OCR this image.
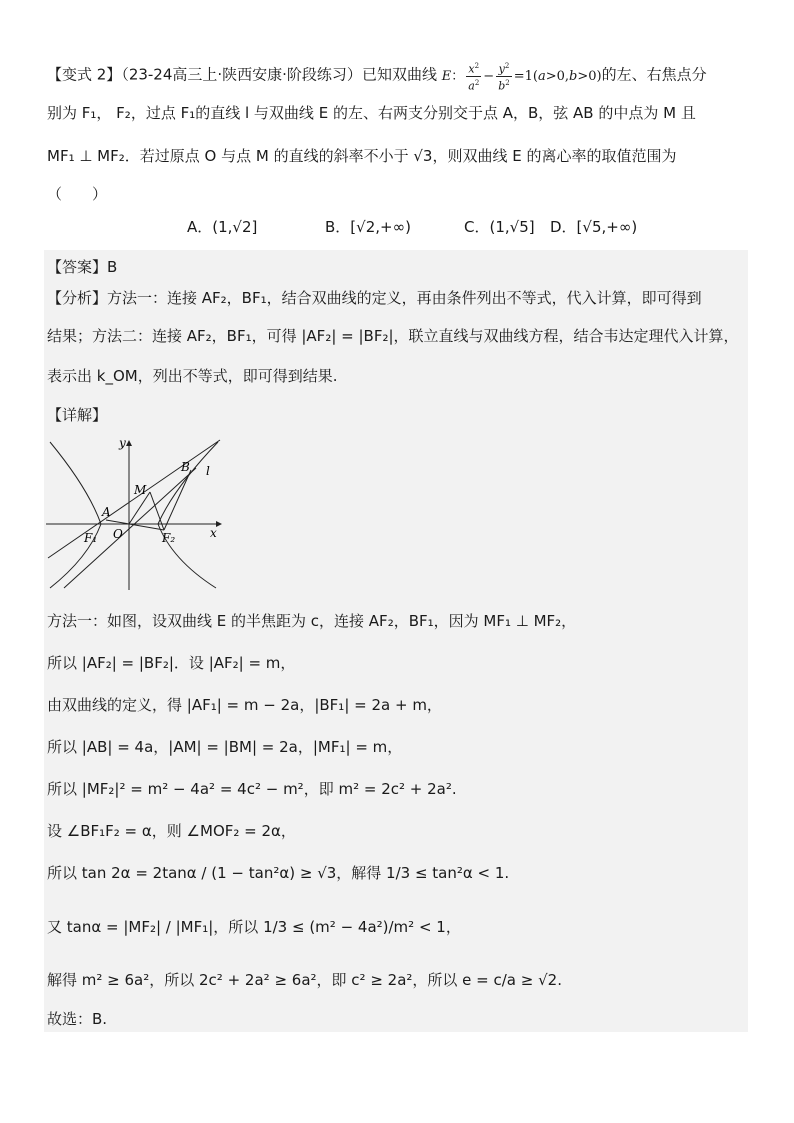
【变式 2】（23-24高三上·陕西安康·阶段练习）已知双曲线 E： $\frac{x^2}{a^2} - \frac{y^2}{b^2} =1(a>0,b>0)$的左、右焦点分
别为 F₁， F₂，过点 F₁的直线 l 与双曲线 E 的左、右两支分别交于点 A，B，弦 AB 的中点为 M 且
MF₁ ⊥ MF₂．若过原点 O 与点 M 的直线的斜率不小于 √3，则双曲线 E 的离心率的取值范围为
（　　）
A．(1,√2]	B．[√2,+∞)	C．(1,√5] D．[√5,+∞)
【答案】B
【分析】方法一：连接 AF₂，BF₁，结合双曲线的定义，再由条件列出不等式，代入计算，即可得到
结果；方法二：连接 AF₂，BF₁，可得 |AF₂| = |BF₂|，联立直线与双曲线方程，结合韦达定理代入计算，
表示出 k_OM，列出不等式，即可得到结果.
【详解】
y
x
B l
M
A
O
F₁	F₂
方法一：如图，设双曲线 E 的半焦距为 c，连接 AF₂，BF₁，因为 MF₁ ⊥ MF₂，
所以 |AF₂| = |BF₂|．设 |AF₂| = m，
由双曲线的定义，得 |AF₁| = m − 2a，|BF₁| = 2a + m，
所以 |AB| = 4a，|AM| = |BM| = 2a，|MF₁| = m，
所以 |MF₂|² = m² − 4a² = 4c² − m²，即 m² = 2c² + 2a².
设 ∠BF₁F₂ = α，则 ∠MOF₂ = 2α，
所以 tan 2α = 2tanα / (1 − tan²α) ≥ √3，解得 1/3 ≤ tan²α < 1.
又 tanα = |MF₂| / |MF₁|，所以 1/3 ≤ (m² − 4a²)/m² < 1，
解得 m² ≥ 6a²，所以 2c² + 2a² ≥ 6a²，即 c² ≥ 2a²，所以 e = c/a ≥ √2.
故选：B.
